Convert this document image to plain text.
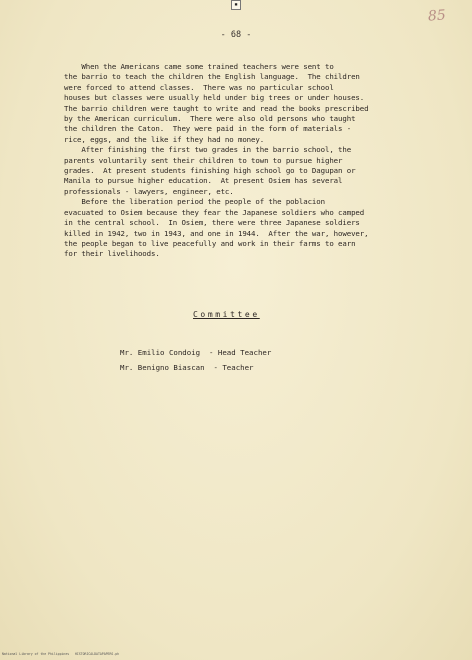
▪
85
- 68 -
When the Americans came some trained teachers were sent to
the barrio to teach the children the English language.  The children
were forced to attend classes.  There was no particular school
houses but classes were usually held under big trees or under houses.
The barrio children were taught to write and read the books prescribed
by the American curriculum.  There were also old persons who taught
the children the Caton.  They were paid in the form of materials -
rice, eggs, and the like if they had no money.
After finishing the first two grades in the barrio school, the
parents voluntarily sent their children to town to pursue higher
grades.  At present students finishing high school go to Dagupan or
Manila to pursue higher education.  At present Osiem has several
professionals - lawyers, engineer, etc.
Before the liberation period the people of the poblacion
evacuated to Osiem because they fear the Japanese soldiers who camped
in the central school.  In Osiem, there were three Japanese soldiers
killed in 1942, two in 1943, and one in 1944.  After the war, however,
the people began to live peacefully and work in their farms to earn
for their livelihoods.
Committee
Mr. Emilio Condoig - Head Teacher
Mr. Benigno Biascan - Teacher
National Library of the Philippines   HISTORICALDATAPAPERS.ph
